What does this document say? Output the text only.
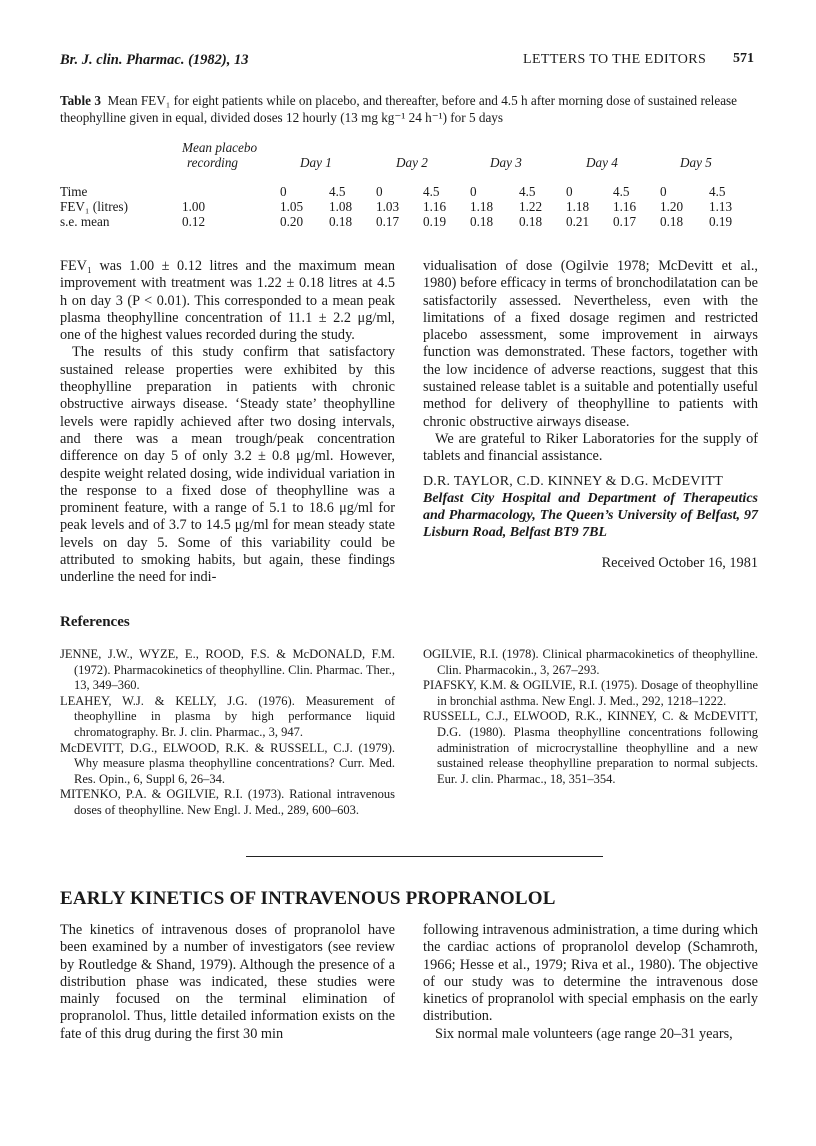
Br. J. clin. Pharmac. (1982), 13	LETTERS TO THE EDITORS 571
Table 3 Mean FEV₁ for eight patients while on placebo, and thereafter, before and 4.5 h after morning dose of sustained release theophylline given in equal, divided doses 12 hourly (13 mg kg⁻¹ 24 h⁻¹) for 5 days
	Mean placebo										
	recording	Day 1		Day 2		Day 3		Day 4		Day 5	

Time		0	4.5	0	4.5	0	4.5	0	4.5	0	4.5
FEV₁ (litres)	1.00	1.05	1.08	1.03	1.16	1.18	1.22	1.18	1.16	1.20	1.13
s.e. mean	0.12	0.20	0.18	0.17	0.19	0.18	0.18	0.21	0.17	0.18	0.19

FEV₁ was 1.00 ± 0.12 litres and the maximum mean improvement with treatment was 1.22 ± 0.18 litres at 4.5 h on day 3 (P < 0.01). This corresponded to a mean peak plasma theophylline concentration of 11.1 ± 2.2 μg/ml, one of the highest values recorded during the study.

The results of this study confirm that satisfactory sustained release properties were exhibited by this theophylline preparation in patients with chronic obstructive airways disease. ‘Steady state’ theophylline levels were rapidly achieved after two dosing intervals, and there was a mean trough/peak concentration difference on day 5 of only 3.2 ± 0.8 μg/ml. However, despite weight related dosing, wide individual variation in the response to a fixed dose of theophylline was a prominent feature, with a range of 5.1 to 18.6 μg/ml for peak levels and of 3.7 to 14.5 μg/ml for mean steady state levels on day 5. Some of this variability could be attributed to smoking habits, but again, these findings underline the need for indi-

vidualisation of dose (Ogilvie 1978; McDevitt et al., 1980) before efficacy in terms of bronchodilatation can be satisfactorily assessed. Nevertheless, even with the limitations of a fixed dosage regimen and restricted placebo assessment, some improvement in airways function was demonstrated. These factors, together with the low incidence of adverse reactions, suggest that this sustained release tablet is a suitable and potentially useful method for delivery of theophylline to patients with chronic obstructive airways disease.

We are grateful to Riker Laboratories for the supply of tablets and financial assistance.

D.R. TAYLOR, C.D. KINNEY & D.G. McDEVITT
Belfast City Hospital and Department of Therapeutics and Pharmacology, The Queen’s University of Belfast, 97 Lisburn Road, Belfast BT9 7BL
Received October 16, 1981
References

JENNE, J.W., WYZE, E., ROOD, F.S. & McDONALD, F.M. (1972). Pharmacokinetics of theophylline. Clin. Pharmac. Ther., 13, 349–360.

LEAHEY, W.J. & KELLY, J.G. (1976). Measurement of theophylline in plasma by high performance liquid chromatography. Br. J. clin. Pharmac., 3, 947.

McDEVITT, D.G., ELWOOD, R.K. & RUSSELL, C.J. (1979). Why measure plasma theophylline concentrations? Curr. Med. Res. Opin., 6, Suppl 6, 26–34.

MITENKO, P.A. & OGILVIE, R.I. (1973). Rational intravenous doses of theophylline. New Engl. J. Med., 289, 600–603.

OGILVIE, R.I. (1978). Clinical pharmacokinetics of theophylline. Clin. Pharmacokin., 3, 267–293.

PIAFSKY, K.M. & OGILVIE, R.I. (1975). Dosage of theophylline in bronchial asthma. New Engl. J. Med., 292, 1218–1222.

RUSSELL, C.J., ELWOOD, R.K., KINNEY, C. & McDEVITT, D.G. (1980). Plasma theophylline concentrations following administration of microcrystalline theophylline and a new sustained release theophylline preparation to normal subjects. Eur. J. clin. Pharmac., 18, 351–354.

EARLY KINETICS OF INTRAVENOUS PROPRANOLOL

The kinetics of intravenous doses of propranolol have been examined by a number of investigators (see review by Routledge & Shand, 1979). Although the presence of a distribution phase was indicated, these studies were mainly focused on the terminal elimination of propranolol. Thus, little detailed information exists on the fate of this drug during the first 30 min

following intravenous administration, a time during which the cardiac actions of propranolol develop (Schamroth, 1966; Hesse et al., 1979; Riva et al., 1980). The objective of our study was to determine the intravenous dose kinetics of propranolol with special emphasis on the early distribution.

Six normal male volunteers (age range 20–31 years,
